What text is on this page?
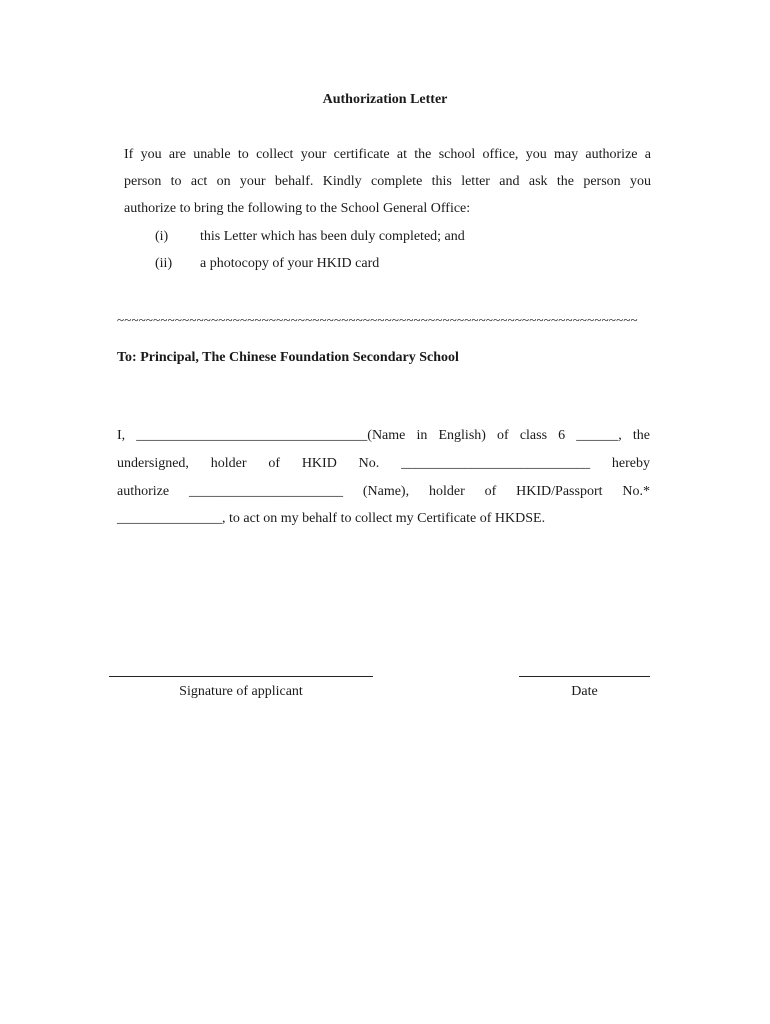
Authorization Letter

If you are unable to collect your certificate at the school office, you may authorize a

person to act on your behalf. Kindly complete this letter and ask the person you

authorize to bring the following to the School General Office:

(i) this Letter which has been duly completed; and
(ii) a photocopy of your HKID card

~~~~~~~~~~~~~~~~~~~~~~~~~~~~~~~~~~~~~~~~~~~~~~~~~~~~~~~~~~~~~~~~~~~~~~~~

To: Principal, The Chinese Foundation Secondary School

I, _________________________________(Name in English) of class 6 ______, the

undersigned, holder of HKID No. ___________________________ hereby

authorize ______________________ (Name), holder of HKID/Passport No.*

_______________, to act on my behalf to collect my Certificate of HKDSE.

Signature of applicant	Date
